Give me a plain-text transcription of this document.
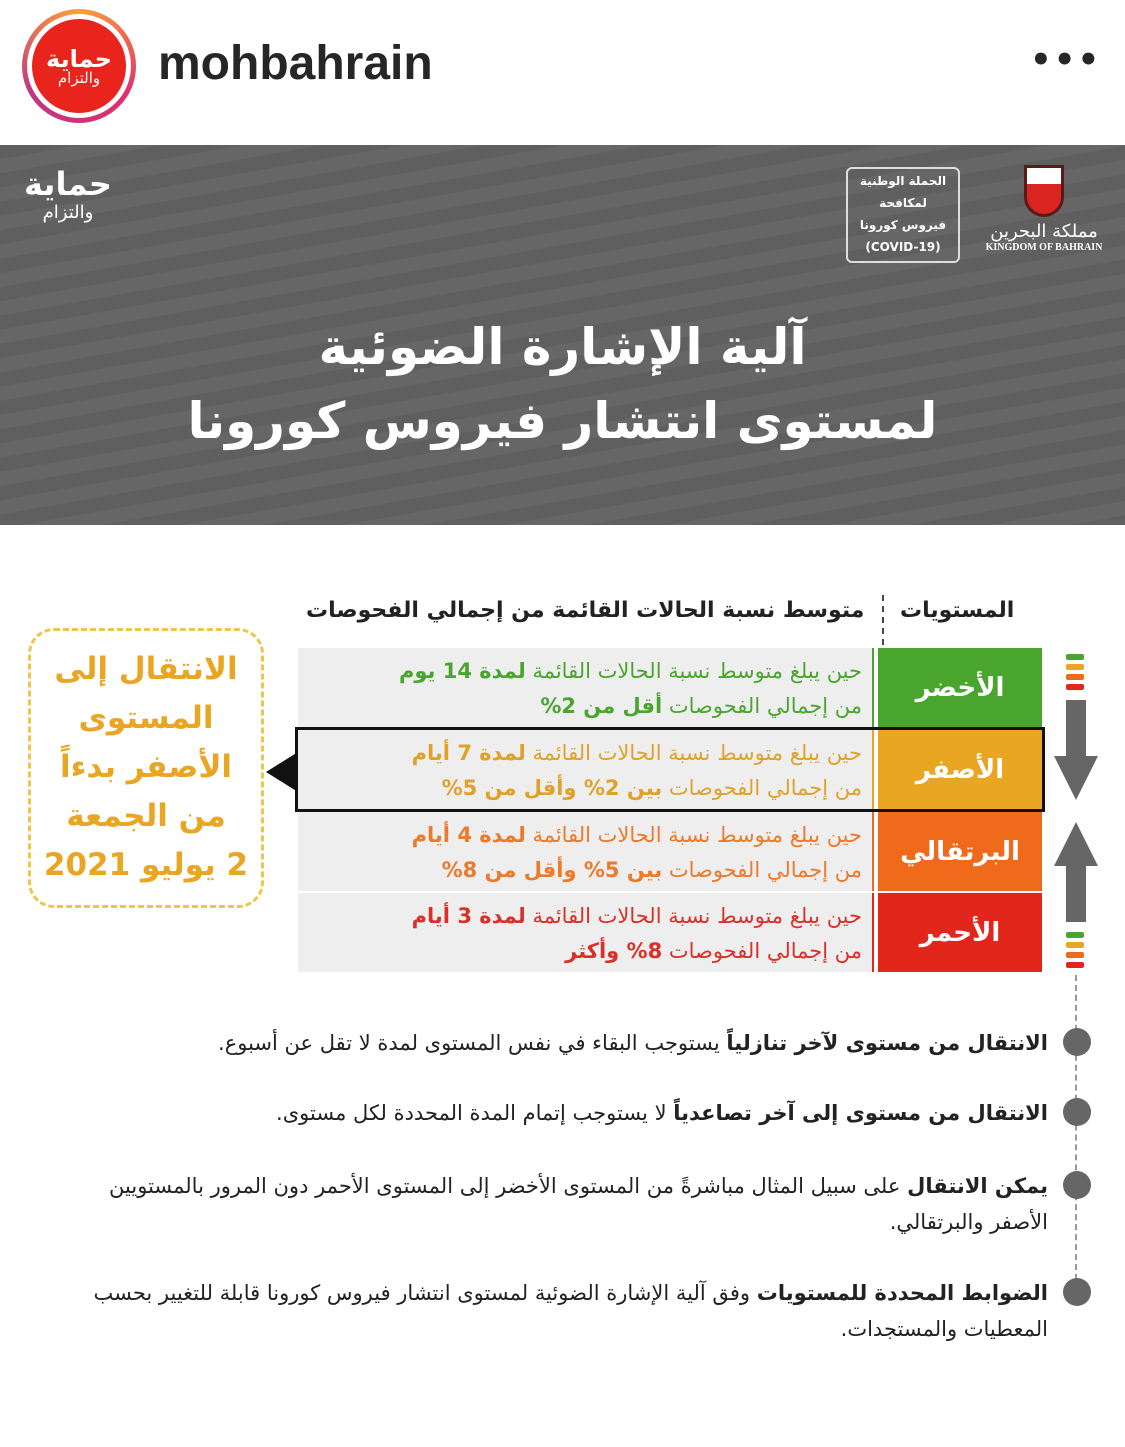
حماية
والتزام mohbahrain	•••
حماية
والتزام
الحملة الوطنية
لمكافحة
فيروس كورونا
(COVID-19)
مملكة البحرين
KINGDOM OF BAHRAIN
آلية الإشارة الضوئية
لمستوى انتشار فيروس كورونا
المستويات
متوسط نسبة الحالات القائمة من إجمالي الفحوصات
حين يبلغ متوسط نسبة الحالات القائمة لمدة 14 يوم
من إجمالي الفحوصات أقل من 2%
الأخضر
حين يبلغ متوسط نسبة الحالات القائمة لمدة 7 أيام
من إجمالي الفحوصات بين 2% وأقل من 5%
الأصفر
حين يبلغ متوسط نسبة الحالات القائمة لمدة 4 أيام
من إجمالي الفحوصات بين 5% وأقل من 8%
البرتقالي
حين يبلغ متوسط نسبة الحالات القائمة لمدة 3 أيام
من إجمالي الفحوصات 8% وأكثر
الأحمر
الانتقال إلى
المستوى
الأصفر بدءاً
من الجمعة
2 يوليو 2021
الانتقال من مستوى لآخر تنازلياً يستوجب البقاء في نفس المستوى لمدة لا تقل عن أسبوع.
الانتقال من مستوى إلى آخر تصاعدياً لا يستوجب إتمام المدة المحددة لكل مستوى.
يمكن الانتقال على سبيل المثال مباشرةً من المستوى الأخضر إلى المستوى الأحمر دون المرور بالمستويين الأصفر والبرتقالي.
الضوابط المحددة للمستويات وفق آلية الإشارة الضوئية لمستوى انتشار فيروس كورونا قابلة للتغيير بحسب المعطيات والمستجدات.
